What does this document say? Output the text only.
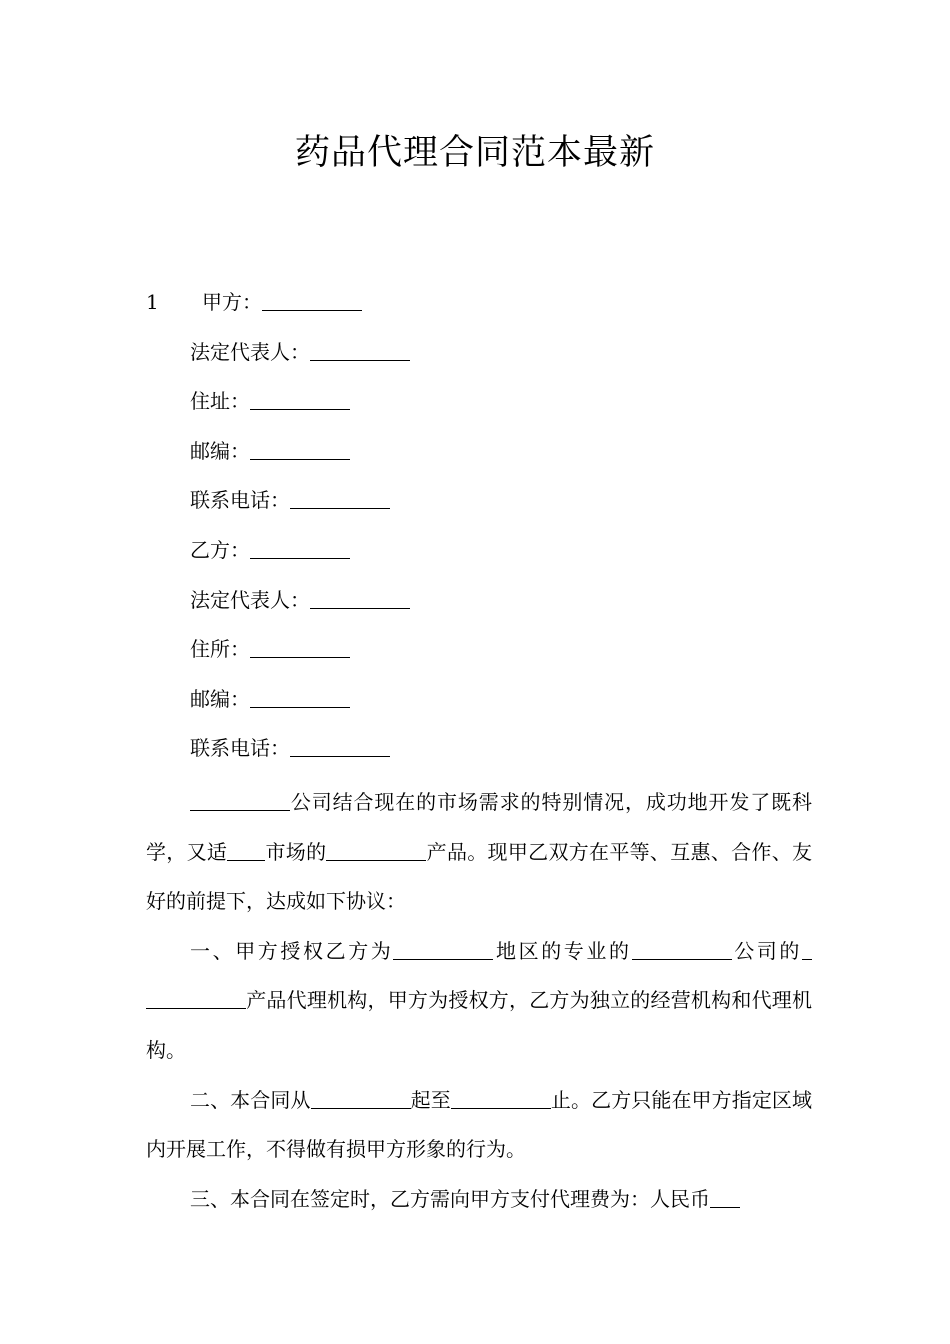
药品代理合同范本最新
1 甲方：
法定代表人：
住址：
邮编：
联系电话：
乙方：
法定代表人：
住所：
邮编：
联系电话：

公司结合现在的市场需求的特别情况，成功地开发了既科学，又适 市场的	产品。现甲乙双方在平等、互惠、合作、友好的前提下，达成如下协议：

一、甲方授权乙方为	地区的专业的	公司的产品代理机构，甲方为授权方，乙方为独立的经营机构和代理机构。

二、本合同从	起至	止。乙方只能在甲方指定区域内开展工作，不得做有损甲方形象的行为。

三、本合同在签定时，乙方需向甲方支付代理费为：人民币
